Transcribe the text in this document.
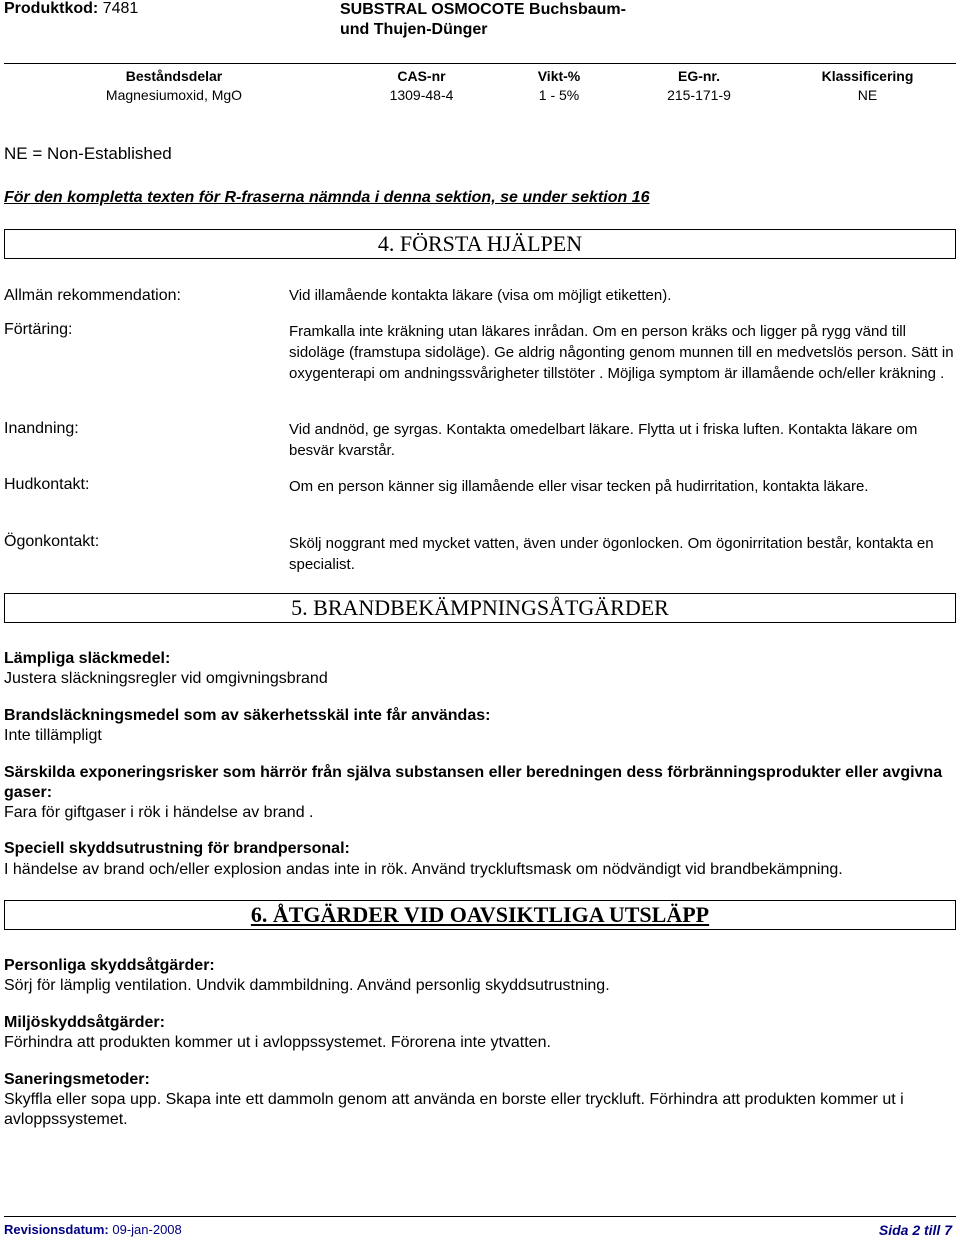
Produktkod: 7481	SUBSTRAL OSMOCOTE Buchsbaum-
und Thujen-Dünger
Beståndsdelar	CAS-nr	Vikt-%	EG-nr.	Klassificering
Magnesiumoxid, MgO	1309-48-4	1 - 5%	215-171-9	NE
NE = Non-Established
För den kompletta texten för R-fraserna nämnda i denna sektion, se under sektion 16
4. FÖRSTA HJÄLPEN
Allmän rekommendation:	Vid illamående kontakta läkare (visa om möjligt etiketten).
Förtäring:	Framkalla inte kräkning utan läkares inrådan. Om en person kräks och ligger på rygg vänd till sidoläge (framstupa sidoläge). Ge aldrig någonting genom munnen till en medvetslös person. Sätt in oxygenterapi om andningssvårigheter tillstöter . Möjliga symptom är illamående och/eller kräkning .
Inandning:	Vid andnöd, ge syrgas. Kontakta omedelbart läkare. Flytta ut i friska luften. Kontakta läkare om besvär kvarstår.
Hudkontakt:	Om en person känner sig illamående eller visar tecken på hudirritation, kontakta läkare.
Ögonkontakt:	Skölj noggrant med mycket vatten, även under ögonlocken. Om ögonirritation består, kontakta en specialist.
5. BRANDBEKÄMPNINGSÅTGÄRDER
Lämpliga släckmedel:
Justera släckningsregler vid omgivningsbrand
Brandsläckningsmedel som av säkerhetsskäl inte får användas:
Inte tillämpligt
Särskilda exponeringsrisker som härrör från själva substansen eller beredningen dess förbränningsprodukter eller avgivna gaser:
Fara för giftgaser i rök i händelse av brand .
Speciell skyddsutrustning för brandpersonal:
I händelse av brand och/eller explosion andas inte in rök. Använd tryckluftsmask om nödvändigt vid brandbekämpning.
6. ÅTGÄRDER VID OAVSIKTLIGA UTSLÄPP
Personliga skyddsåtgärder:
Sörj för lämplig ventilation. Undvik dammbildning. Använd personlig skyddsutrustning.
Miljöskyddsåtgärder:
Förhindra att produkten kommer ut i avloppssystemet. Förorena inte ytvatten.
Saneringsmetoder:
Skyffla eller sopa upp. Skapa inte ett dammoln genom att använda en borste eller tryckluft. Förhindra att produkten kommer ut i avloppssystemet.
Revisionsdatum: 09-jan-2008	Sida 2 till 7
